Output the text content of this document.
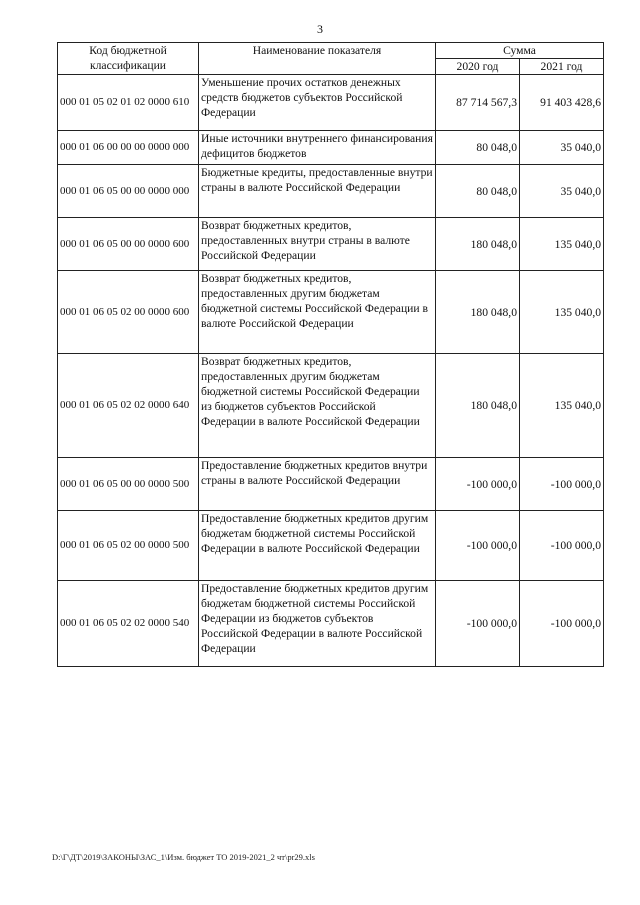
3
Код бюджетной классификации	Наименование показателя	Сумма	
		2020 год	2021 год
000 01 05 02 01 02 0000 610	Уменьшение прочих остатков денежных средств бюджетов субъектов Российской Федерации	87 714 567,3	91 403 428,6
000 01 06 00 00 00 0000 000	Иные источники внутреннего финансирования дефицитов бюджетов	80 048,0	35 040,0
000 01 06 05 00 00 0000 000	Бюджетные кредиты, предоставленные внутри страны в валюте Российской Федерации	80 048,0	35 040,0
000 01 06 05 00 00 0000 600	Возврат бюджетных кредитов, предоставленных внутри страны в валюте Российской Федерации	180 048,0	135 040,0
000 01 06 05 02 00 0000 600	Возврат бюджетных кредитов, предоставленных другим бюджетам бюджетной системы Российской Федерации в валюте Российской Федерации	180 048,0	135 040,0
000 01 06 05 02 02 0000 640	Возврат бюджетных кредитов, предоставленных другим бюджетам бюджетной системы Российской Федерации из бюджетов субъектов Российской Федерации в валюте Российской Федерации	180 048,0	135 040,0
000 01 06 05 00 00 0000 500	Предоставление бюджетных кредитов внутри страны в валюте Российской Федерации	-100 000,0	-100 000,0
000 01 06 05 02 00 0000 500	Предоставление бюджетных кредитов другим бюджетам бюджетной системы Российской Федерации в валюте Российской Федерации	-100 000,0	-100 000,0
000 01 06 05 02 02 0000 540	Предоставление бюджетных кредитов другим бюджетам бюджетной системы Российской Федерации из бюджетов субъектов Российской Федерации в валюте Российской Федерации	-100 000,0	-100 000,0
D:\Г\ДТ\2019\ЗАКОНЫ\ЗАС_1\Изм. бюджет ТО 2019-2021_2 чт\pr29.xls
